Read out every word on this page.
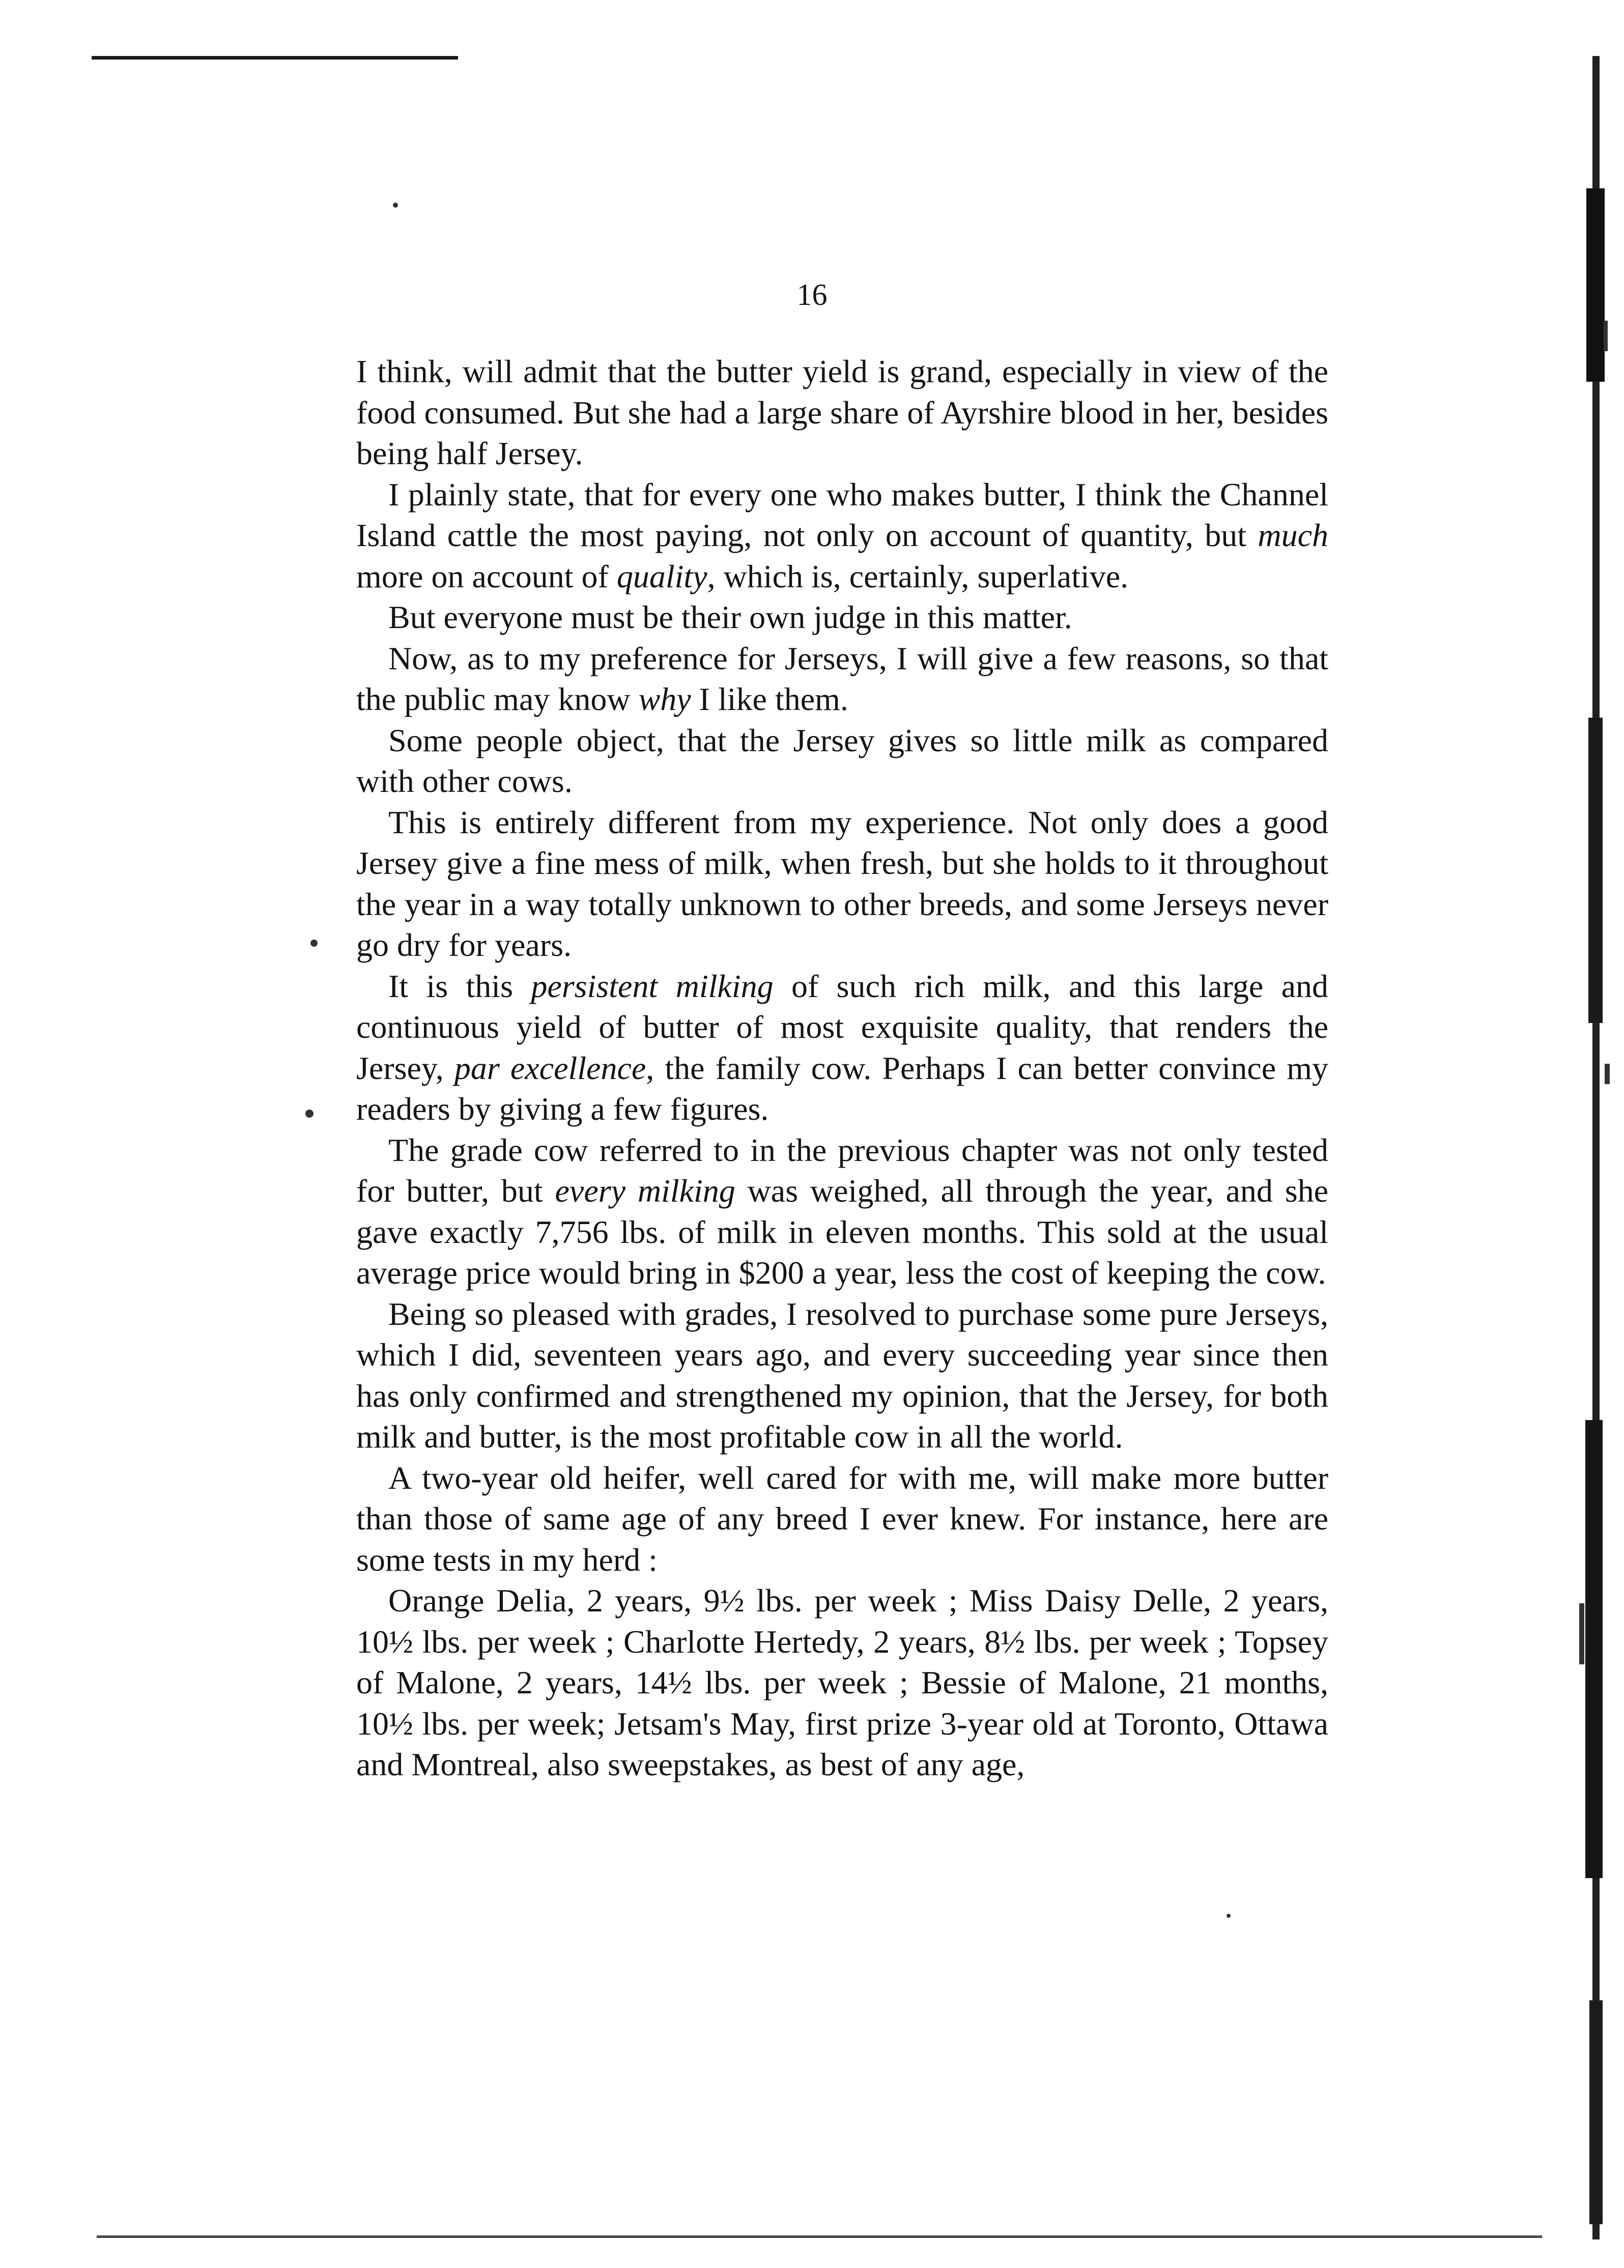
16

I think, will admit that the butter yield is grand, especially in view of the food consumed. But she had a large share of Ayrshire blood in her, besides being half Jersey.

I plainly state, that for every one who makes butter, I think the Channel Island cattle the most paying, not only on account of quantity, but much more on account of quality, which is, certainly, superlative.

But everyone must be their own judge in this matter.

Now, as to my preference for Jerseys, I will give a few reasons, so that the public may know why I like them.

Some people object, that the Jersey gives so little milk as compared with other cows.

This is entirely different from my experience. Not only does a good Jersey give a fine mess of milk, when fresh, but she holds to it throughout the year in a way totally unknown to other breeds, and some Jerseys never go dry for years.

It is this persistent milking of such rich milk, and this large and continuous yield of butter of most exquisite quality, that renders the Jersey, par excellence, the family cow. Perhaps I can better convince my readers by giving a few figures.

The grade cow referred to in the previous chapter was not only tested for butter, but every milking was weighed, all through the year, and she gave exactly 7,756 lbs. of milk in eleven months. This sold at the usual average price would bring in $200 a year, less the cost of keeping the cow.

Being so pleased with grades, I resolved to purchase some pure Jerseys, which I did, seventeen years ago, and every succeeding year since then has only confirmed and strengthened my opinion, that the Jersey, for both milk and butter, is the most profitable cow in all the world.

A two-year old heifer, well cared for with me, will make more butter than those of same age of any breed I ever knew. For instance, here are some tests in my herd :

Orange Delia, 2 years, 9½ lbs. per week ; Miss Daisy Delle, 2 years, 10½ lbs. per week ; Charlotte Hertedy, 2 years, 8½ lbs. per week ; Topsey of Malone, 2 years, 14½ lbs. per week ; Bessie of Malone, 21 months, 10½ lbs. per week; Jetsam's May, first prize 3-year old at Toronto, Ottawa and Montreal, also sweepstakes, as best of any age,
